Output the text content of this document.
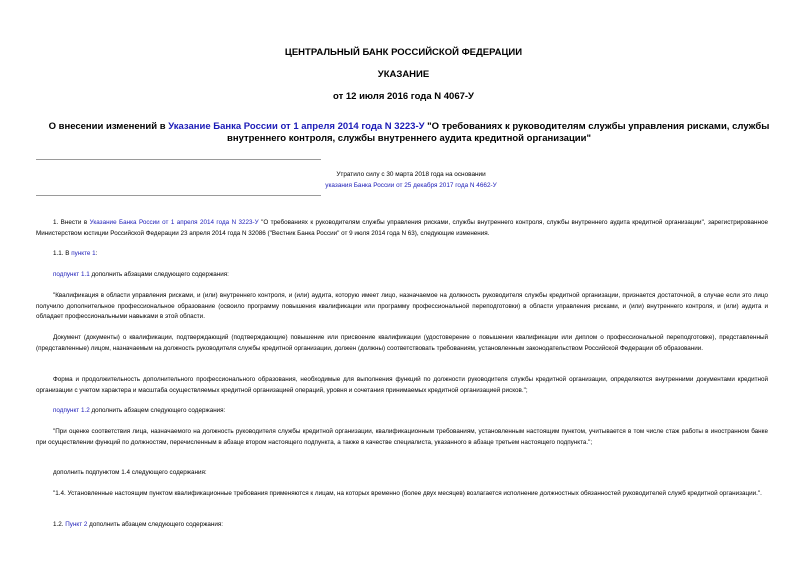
ЦЕНТРАЛЬНЫЙ БАНК РОССИЙСКОЙ ФЕДЕРАЦИИ
УКАЗАНИЕ
от 12 июля 2016 года N 4067-У
О внесении изменений в Указание Банка России от 1 апреля 2014 года N 3223-У "О требованиях к руководителям службы управления рисками, службы внутреннего контроля, службы внутреннего аудита кредитной организации"
Утратило силу с 30 марта 2018 года на основании
указания Банка России от 25 декабря 2017 года N 4662-У
1. Внести в Указание Банка России от 1 апреля 2014 года N 3223-У "О требованиях к руководителям службы управления рисками, службы внутреннего контроля, службы внутреннего аудита кредитной организации", зарегистрированное Министерством юстиции Российской Федерации 23 апреля 2014 года N 32086 ("Вестник Банка России" от 9 июля 2014 года N 63), следующие изменения.
1.1. В пункте 1:
подпункт 1.1 дополнить абзацами следующего содержания:
"Квалификация в области управления рисками, и (или) внутреннего контроля, и (или) аудита, которую имеет лицо, назначаемое на должность руководителя службы кредитной организации, признается достаточной, в случае если это лицо получило дополнительное профессиональное образование (освоило программу повышения квалификации или программу профессиональной переподготовки) в области управления рисками, и (или) внутреннего контроля, и (или) аудита и обладает профессиональными навыками в этой области.
Документ (документы) о квалификации, подтверждающий (подтверждающие) повышение или присвоение квалификации (удостоверение о повышении квалификации или диплом о профессиональной переподготовке), представленный (представленные) лицом, назначаемым на должность руководителя службы кредитной организации, должен (должны) соответствовать требованиям, установленным законодательством Российской Федерации об образовании.
Форма и продолжительность дополнительного профессионального образования, необходимые для выполнения функций по должности руководителя службы кредитной организации, определяются внутренними документами кредитной организации с учетом характера и масштаба осуществляемых кредитной организацией операций, уровня и сочетания принимаемых кредитной организацией рисков.";
подпункт 1.2 дополнить абзацем следующего содержания:
"При оценке соответствия лица, назначаемого на должность руководителя службы кредитной организации, квалификационным требованиям, установленным настоящим пунктом, учитывается в том числе стаж работы в иностранном банке при осуществлении функций по должностям, перечисленным в абзаце втором настоящего подпункта, а также в качестве специалиста, указанного в абзаце третьем настоящего подпункта.";
дополнить подпунктом 1.4 следующего содержания:
"1.4. Установленные настоящим пунктом квалификационные требования применяются к лицам, на которых временно (более двух месяцев) возлагается исполнение должностных обязанностей руководителей служб кредитной организации.".
1.2. Пункт 2 дополнить абзацем следующего содержания:
